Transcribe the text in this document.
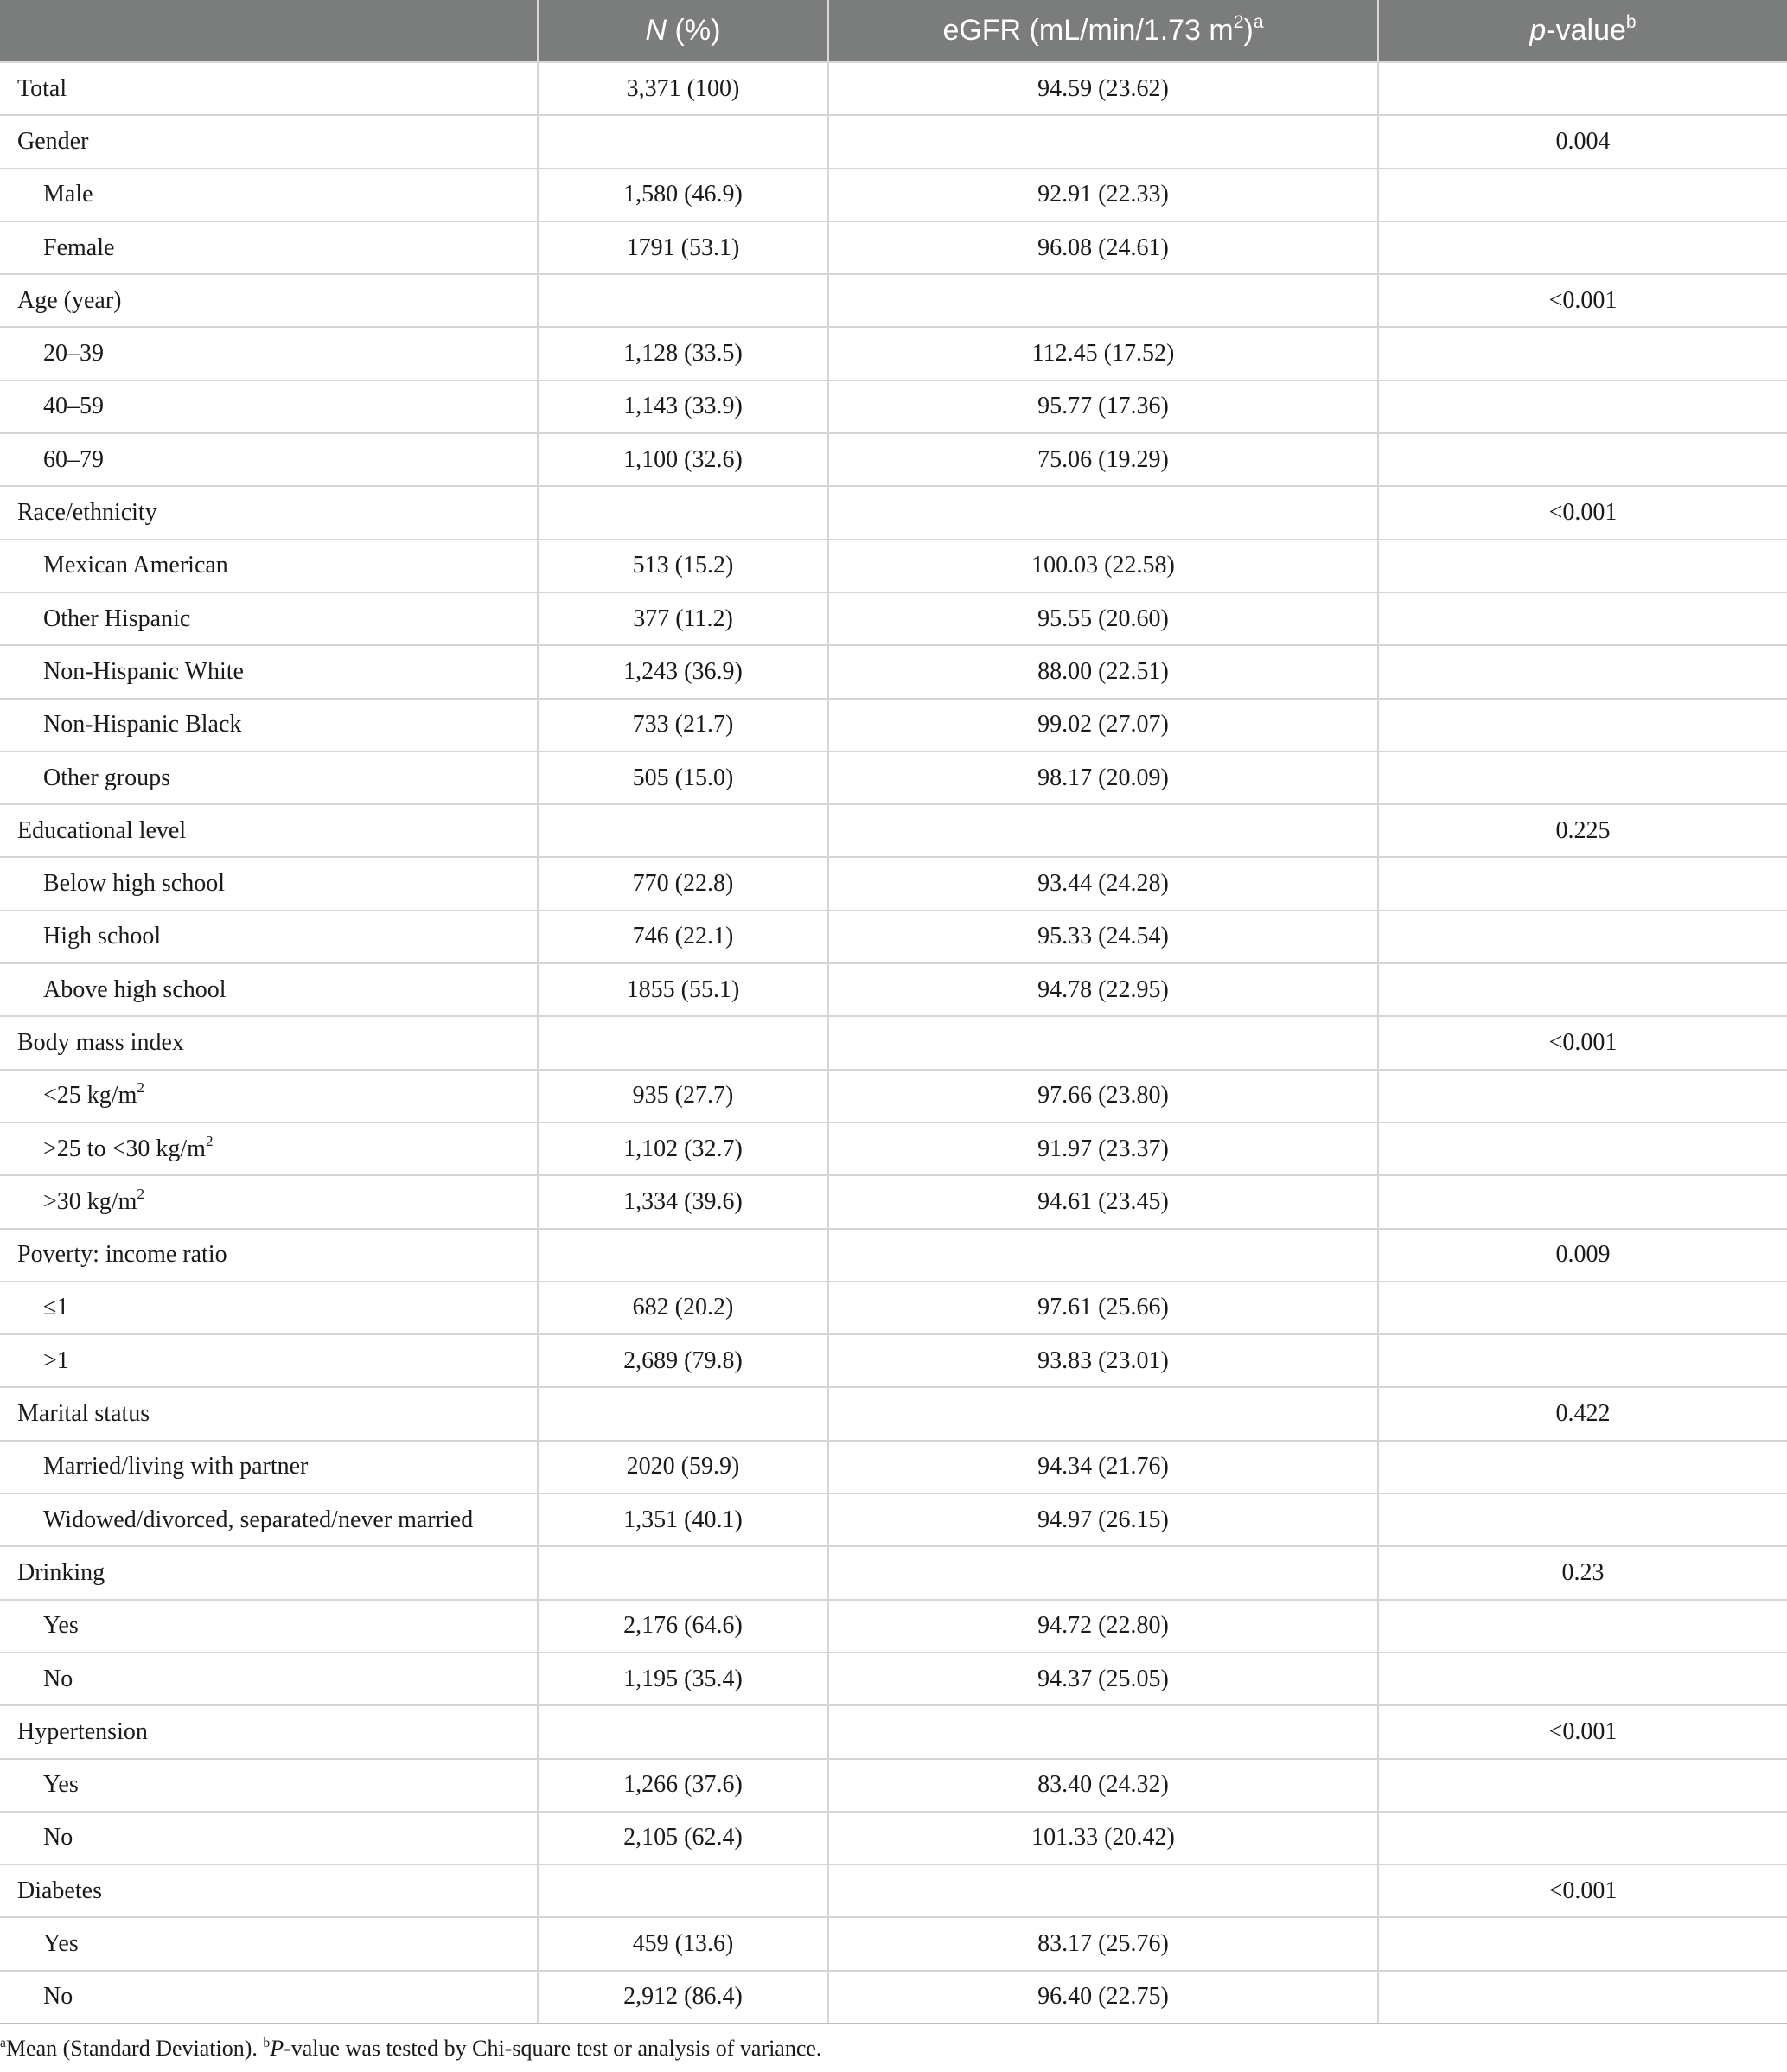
	N (%)	eGFR (mL/min/1.73 $m^2)^a$	p-value$^b$
Total	3,371 (100)	94.59 (23.62)	
Gender			0.004
Male	1,580 (46.9)	92.91 (22.33)	
Female	1791 (53.1)	96.08 (24.61)	
Age (year)			<0.001
20–39	1,128 (33.5)	112.45 (17.52)	
40–59	1,143 (33.9)	95.77 (17.36)	
60–79	1,100 (32.6)	75.06 (19.29)	
Race/ethnicity			<0.001
Mexican American	513 (15.2)	100.03 (22.58)	
Other Hispanic	377 (11.2)	95.55 (20.60)	
Non-Hispanic White	1,243 (36.9)	88.00 (22.51)	
Non-Hispanic Black	733 (21.7)	99.02 (27.07)	
Other groups	505 (15.0)	98.17 (20.09)	
Educational level			0.225
Below high school	770 (22.8)	93.44 (24.28)	
High school	746 (22.1)	95.33 (24.54)	
Above high school	1855 (55.1)	94.78 (22.95)	
Body mass index			<0.001
<25 $kg/m^2$	935 (27.7)	97.66 (23.80)	
>25 to <30 $kg/m^2$	1,102 (32.7)	91.97 (23.37)	
>30 $kg/m^2$	1,334 (39.6)	94.61 (23.45)	
Poverty: income ratio			0.009
≤1	682 (20.2)	97.61 (25.66)	
>1	2,689 (79.8)	93.83 (23.01)	
Marital status			0.422
Married/living with partner	2020 (59.9)	94.34 (21.76)	
Widowed/divorced, separated/never married	1,351 (40.1)	94.97 (26.15)	
Drinking			0.23
Yes	2,176 (64.6)	94.72 (22.80)	
No	1,195 (35.4)	94.37 (25.05)	
Hypertension			<0.001
Yes	1,266 (37.6)	83.40 (24.32)	
No	2,105 (62.4)	101.33 (20.42)	
Diabetes			<0.001
Yes	459 (13.6)	83.17 (25.76)	
No	2,912 (86.4)	96.40 (22.75)	
$^a$Mean (Standard Deviation). $^b$P-value was tested by Chi-square test or analysis of variance.
